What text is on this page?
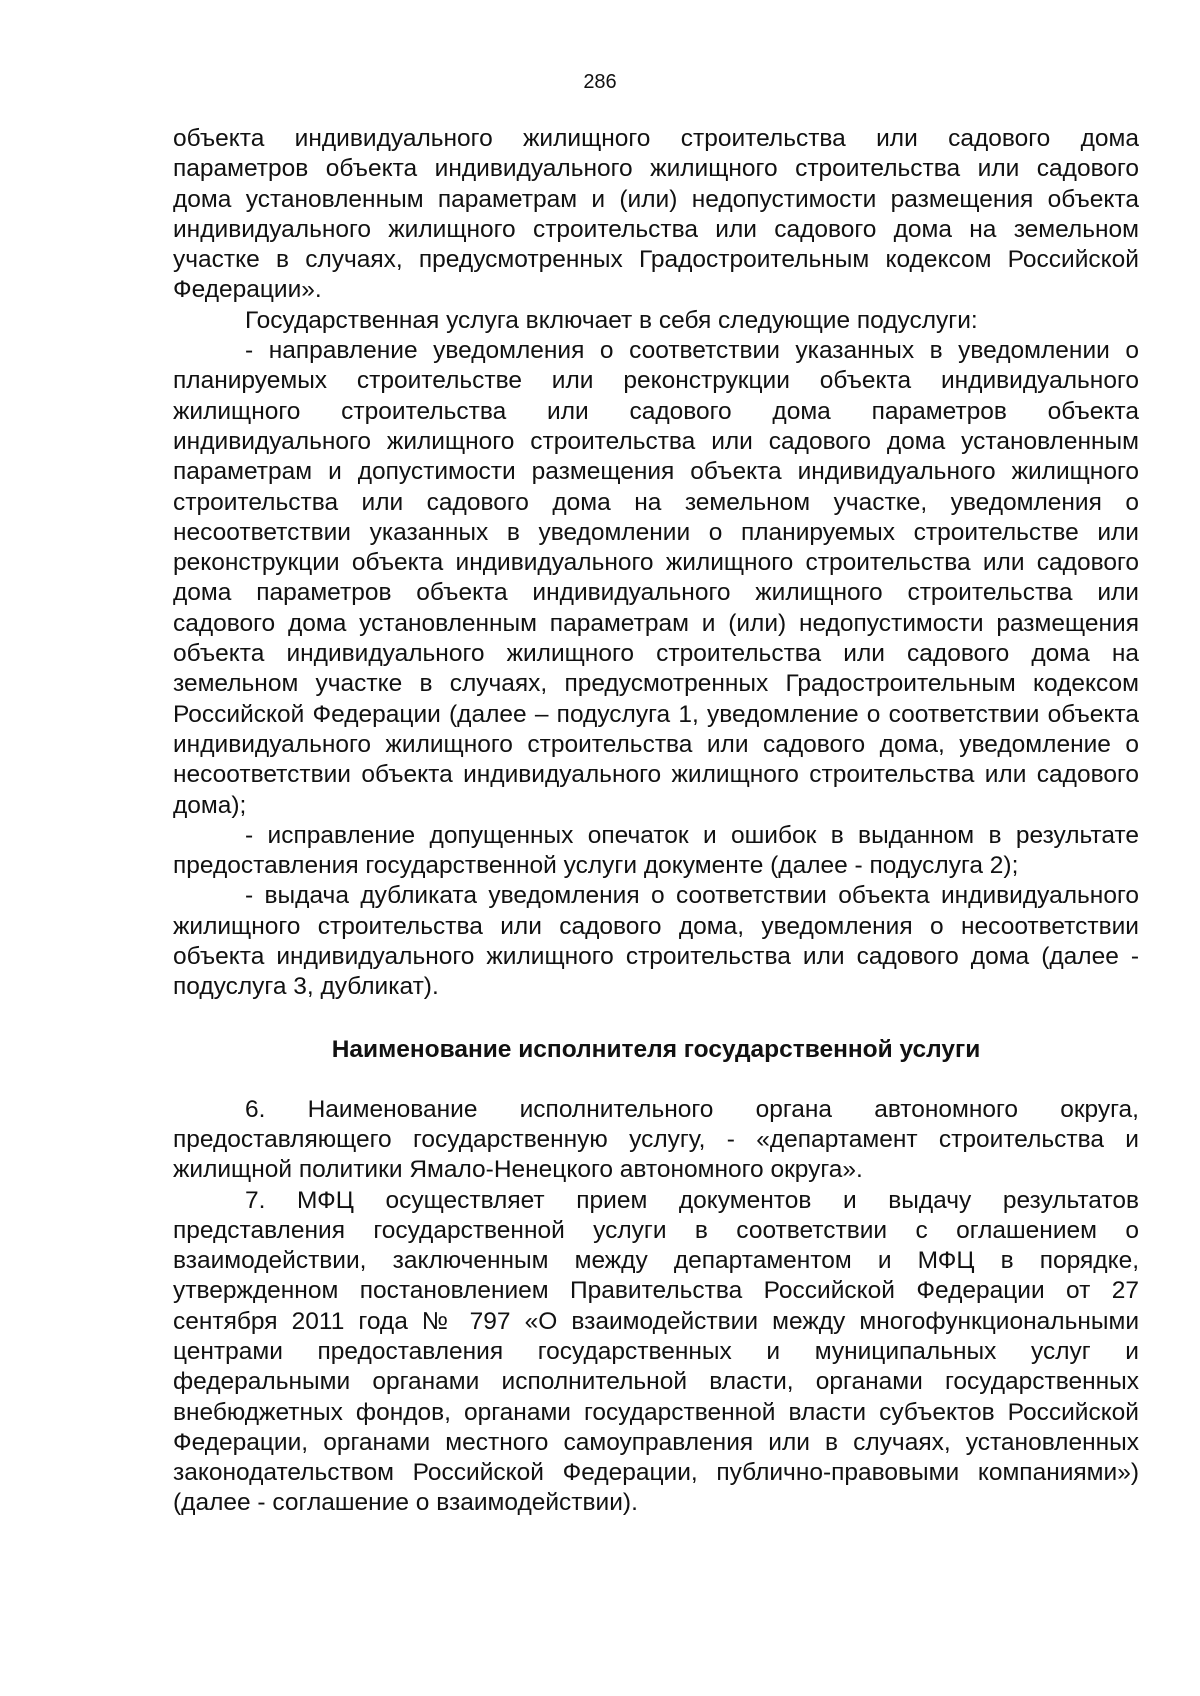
286

объекта индивидуального жилищного строительства или садового дома параметров объекта индивидуального жилищного строительства или садового дома установленным параметрам и (или) недопустимости размещения объекта индивидуального жилищного строительства или садового дома на земельном участке в случаях, предусмотренных Градостроительным кодексом Российской Федерации».

Государственная услуга включает в себя следующие подуслуги:

- направление уведомления о соответствии указанных в уведомлении о планируемых строительстве или реконструкции объекта индивидуального жилищного строительства или садового дома параметров объекта индивидуального жилищного строительства или садового дома установленным параметрам и допустимости размещения объекта индивидуального жилищного строительства или садового дома на земельном участке, уведомления о несоответствии указанных в уведомлении о планируемых строительстве или реконструкции объекта индивидуального жилищного строительства или садового дома параметров объекта индивидуального жилищного строительства или садового дома установленным параметрам и (или) недопустимости размещения объекта индивидуального жилищного строительства или садового дома на земельном участке в случаях, предусмотренных Градостроительным кодексом Российской Федерации (далее – подуслуга 1, уведомление о соответствии объекта индивидуального жилищного строительства или садового дома, уведомление о несоответствии объекта индивидуального жилищного строительства или садового дома);

- исправление допущенных опечаток и ошибок в выданном в результате предоставления государственной услуги документе (далее - подуслуга 2);

- выдача дубликата уведомления о соответствии объекта индивидуального жилищного строительства или садового дома, уведомления о несоответствии объекта индивидуального жилищного строительства или садового дома (далее - подуслуга 3, дубликат).

Наименование исполнителя государственной услуги

6. Наименование исполнительного органа автономного округа, предоставляющего государственную услугу, - «департамент строительства и жилищной политики Ямало-Ненецкого автономного округа».

7. МФЦ осуществляет прием документов и выдачу результатов представления государственной услуги в соответствии с оглашением о взаимодействии, заключенным между департаментом и МФЦ в порядке, утвержденном постановлением Правительства Российской Федерации от 27 сентября 2011 года № 797 «О взаимодействии между многофункциональными центрами предоставления государственных и муниципальных услуг и федеральными органами исполнительной власти, органами государственных внебюджетных фондов, органами государственной власти субъектов Российской Федерации, органами местного самоуправления или в случаях, установленных законодательством Российской Федерации, публично-правовыми компаниями») (далее - соглашение о взаимодействии).
